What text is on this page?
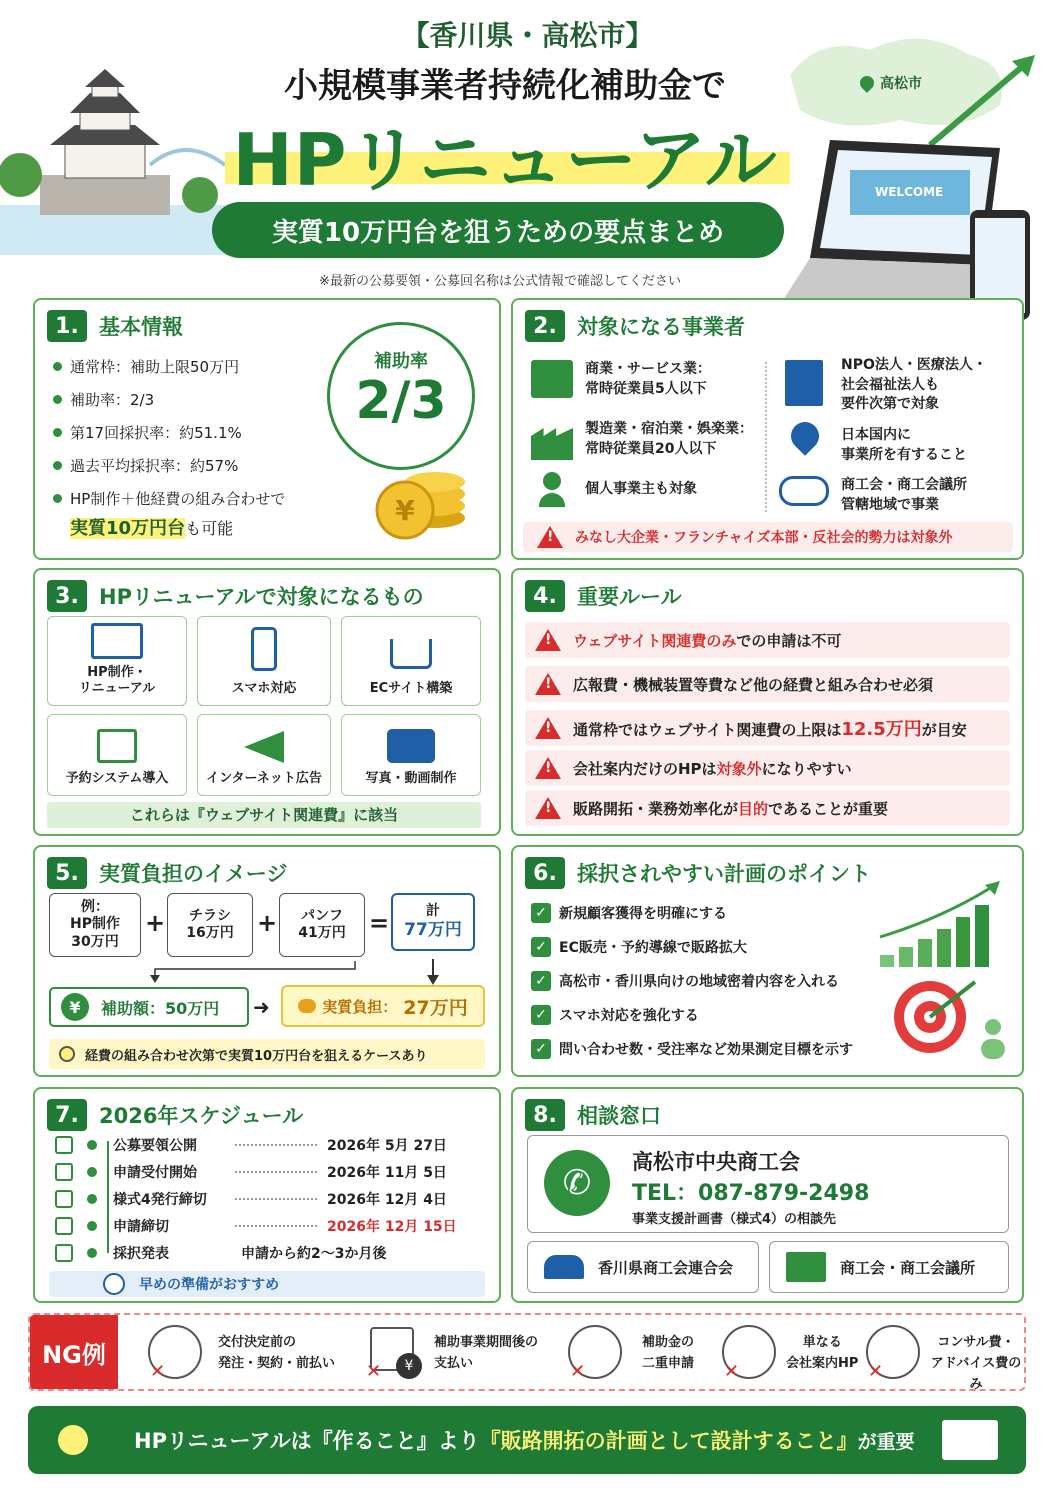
【香川県・高松市】
小規模事業者持続化補助金で
HPリニューアル
実質10万円台を狙うための要点まとめ
※最新の公募要領・公募回名称は公式情報で確認してください
高松市
WELCOME
1. 基本情報
通常枠：補助上限50万円
補助率：2/3
第17回採択率：約51.1%
過去平均採択率：約57%
HP制作＋他経費の組み合わせで
実質10万円台も可能
補助率
2/3
¥
2. 対象になる事業者
商業・サービス業：
常時従業員5人以下
製造業・宿泊業・娯楽業：
常時従業員20人以下
個人事業主も対象
NPO法人・医療法人・
社会福祉法人も
要件次第で対象
日本国内に
事業所を有すること
商工会・商工会議所
管轄地域で事業
!
みなし大企業・フランチャイズ本部・反社会的勢力は対象外
3. HPリニューアルで対象になるもの
HP制作・
リニューアル	スマホ対応	ECサイト構築
予約システム導入	インターネット広告	写真・動画制作
これらは『ウェブサイト関連費』に該当
4. 重要ルール
!
ウェブサイト関連費のみでの申請は不可
!
広報費・機械装置等費など他の経費と組み合わせ必須
!
通常枠ではウェブサイト関連費の上限は12.5万円が目安
!
会社案内だけのHPは対象外になりやすい
!
販路開拓・業務効率化が目的であることが重要
5. 実質負担のイメージ
例：
HP制作
30万円
+	チラシ
16万円 +	パンフ
41万円 =	計
77万円
¥	補助額：50万円 ➜	実質負担： 27万円
経費の組み合わせ次第で実質10万円台を狙えるケースあり
6. 採択されやすい計画のポイント
✓ 新規顧客獲得を明確にする
✓ EC販売・予約導線で販路拡大
✓ 高松市・香川県向けの地域密着内容を入れる
✓ スマホ対応を強化する
✓ 問い合わせ数・受注率など効果測定目標を示す
7. 2026年スケジュール
公募要領公開	2026年 5月 27日
申請受付開始	2026年 11月 5日
様式4発行締切	2026年 12月 4日
申請締切	2026年 12月 15日
採択発表	申請から約2〜3か月後
早めの準備がおすすめ
8. 相談窓口
✆
高松市中央商工会
TEL：087-879-2498
事業支援計画書（様式4）の相談先
香川県商工会連合会	商工会・商工会議所
NG例
✕
交付決定前の
発注・契約・前払い	¥
✕
補助事業期間後の
支払い	✕
補助金の
二重申請 ✕
単なる
会社案内HP ✕
コンサル費・
アドバイス費のみ
HPリニューアルは『作ること』より 『販路開拓の計画として設計すること』 が重要
